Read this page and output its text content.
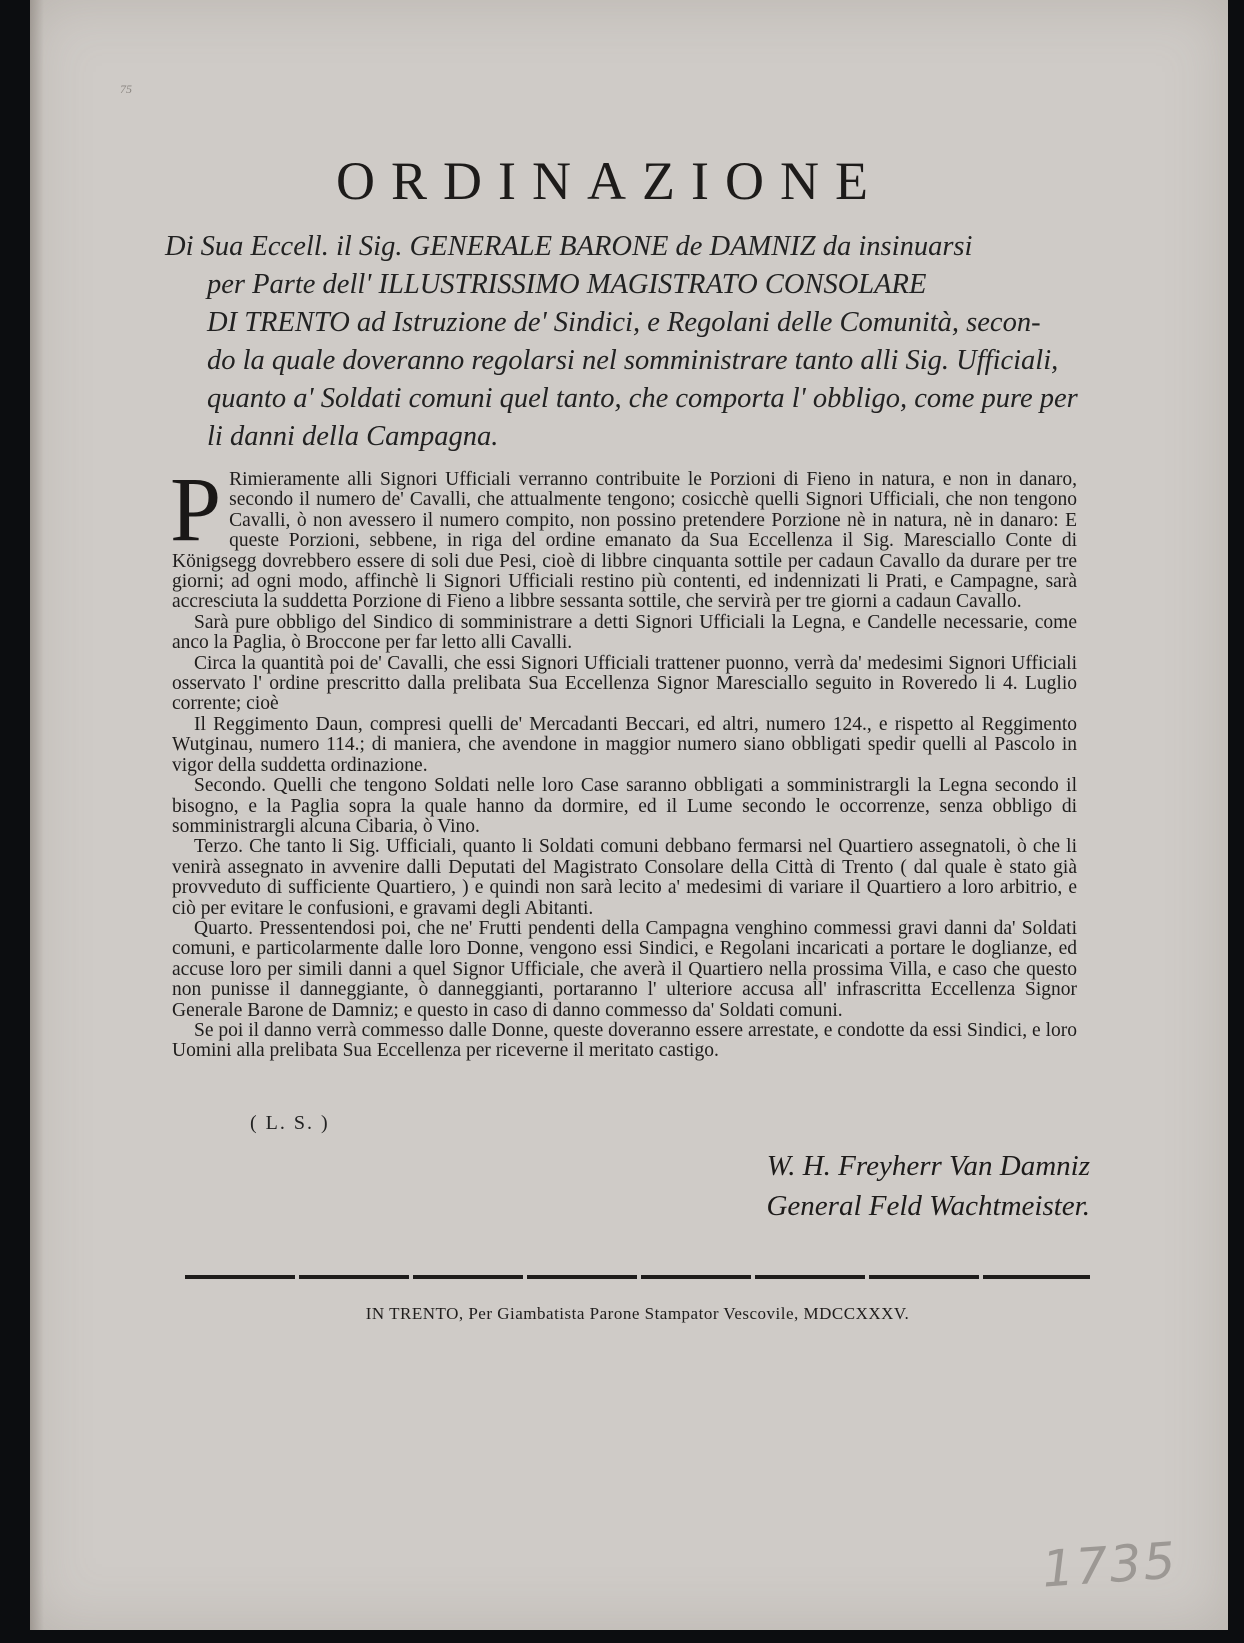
75
ORDINAZIONE
Di Sua Eccell. il Sig. GENERALE BARONE de DAMNIZ da insinuarsi
per Parte dell' ILLUSTRISSIMO MAGISTRATO CONSOLARE
DI TRENTO ad Istruzione de' Sindici, e Regolani delle Comunità, secon-
do la quale doveranno regolarsi nel somministrare tanto alli Sig. Ufficiali,
quanto a' Soldati comuni quel tanto, che comporta l' obbligo, come pure per
li danni della Campagna.

P Rimieramente alli Signori Ufficiali verranno contribuite le Porzioni di Fieno in natura, e non in danaro, secondo il numero de' Cavalli, che attualmente tengono; cosicchè quelli Signori Ufficiali, che non tengono Cavalli, ò non avessero il numero compito, non possino pretendere Porzione nè in natura, nè in danaro: E queste Porzioni, sebbene, in riga del ordine emanato da Sua Eccellenza il Sig. Maresciallo Conte di Königsegg dovrebbero essere di soli due Pesi, cioè di libbre cinquanta sottile per cadaun Cavallo da durare per tre giorni; ad ogni modo, affinchè li Signori Ufficiali restino più contenti, ed indennizati li Prati, e Campagne, sarà accresciuta la suddetta Porzione di Fieno a libbre sessanta sottile, che servirà per tre giorni a cadaun Cavallo.

Sarà pure obbligo del Sindico di somministrare a detti Signori Ufficiali la Legna, e Candelle necessarie, come anco la Paglia, ò Broccone per far letto alli Cavalli.

Circa la quantità poi de' Cavalli, che essi Signori Ufficiali trattener puonno, verrà da' medesimi Signori Ufficiali osservato l' ordine prescritto dalla prelibata Sua Eccellenza Signor Maresciallo seguito in Roveredo li 4. Luglio corrente; cioè

Il Reggimento Daun, compresi quelli de' Mercadanti Beccari, ed altri, numero 124., e rispetto al Reggimento Wutginau, numero 114.; di maniera, che avendone in maggior numero siano obbligati spedir quelli al Pascolo in vigor della suddetta ordinazione.

Secondo. Quelli che tengono Soldati nelle loro Case saranno obbligati a somministrargli la Legna secondo il bisogno, e la Paglia sopra la quale hanno da dormire, ed il Lume secondo le occorrenze, senza obbligo di somministrargli alcuna Cibaria, ò Vino.

Terzo. Che tanto li Sig. Ufficiali, quanto li Soldati comuni debbano fermarsi nel Quartiero assegnatoli, ò che li venirà assegnato in avvenire dalli Deputati del Magistrato Consolare della Città di Trento ( dal quale è stato già provveduto di sufficiente Quartiero, ) e quindi non sarà lecito a' medesimi di variare il Quartiero a loro arbitrio, e ciò per evitare le confusioni, e gravami degli Abitanti.

Quarto. Pressentendosi poi, che ne' Frutti pendenti della Campagna venghino commessi gravi danni da' Soldati comuni, e particolarmente dalle loro Donne, vengono essi Sindici, e Regolani incaricati a portare le doglianze, ed accuse loro per simili danni a quel Signor Ufficiale, che averà il Quartiero nella prossima Villa, e caso che questo non punisse il danneggiante, ò danneggianti, portaranno l' ulteriore accusa all' infrascritta Eccellenza Signor Generale Barone de Damniz; e questo in caso di danno commesso da' Soldati comuni.

Se poi il danno verrà commesso dalle Donne, queste doveranno essere arrestate, e condotte da essi Sindici, e loro Uomini alla prelibata Sua Eccellenza per riceverne il meritato castigo.

( L. S. )
W. H. Freyherr Van Damniz
General Feld Wachtmeister.
IN TRENTO, Per Giambatista Parone Stampator Vescovile, MDCCXXXV.
1735
